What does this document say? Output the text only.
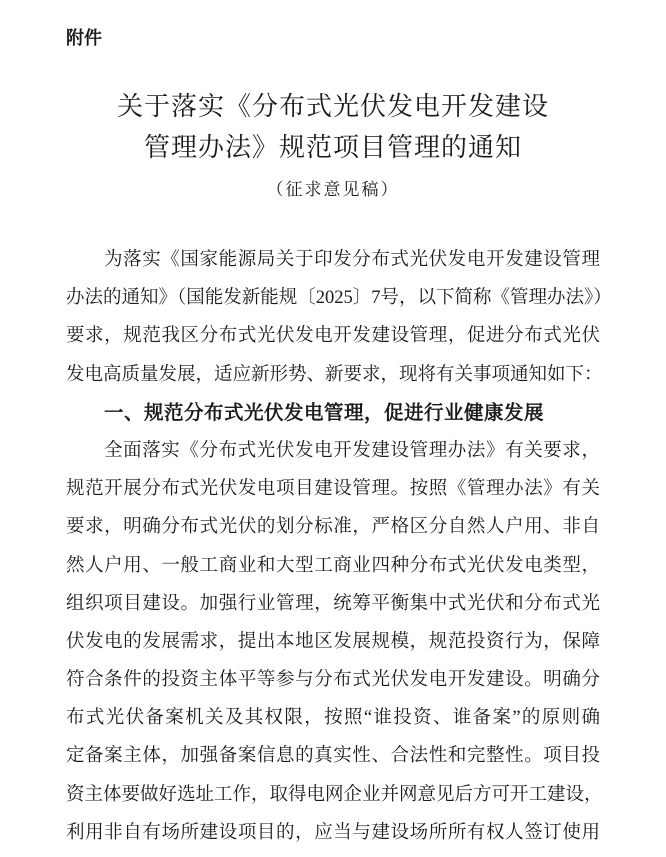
附件
关于落实《分布式光伏发电开发建设
管理办法》规范项目管理的通知
（征求意见稿）
为落实《国家能源局关于印发分布式光伏发电开发建设管理
办法的通知》（国能发新能规〔2025〕7号，以下简称《管理办法》）
要求，规范我区分布式光伏发电开发建设管理，促进分布式光伏
发电高质量发展，适应新形势、新要求，现将有关事项通知如下：
一、规范分布式光伏发电管理，促进行业健康发展
全面落实《分布式光伏发电开发建设管理办法》有关要求，
规范开展分布式光伏发电项目建设管理。按照《管理办法》有关
要求，明确分布式光伏的划分标准，严格区分自然人户用、非自
然人户用、一般工商业和大型工商业四种分布式光伏发电类型，
组织项目建设。加强行业管理，统筹平衡集中式光伏和分布式光
伏发电的发展需求，提出本地区发展规模，规范投资行为，保障
符合条件的投资主体平等参与分布式光伏发电开发建设。明确分
布式光伏备案机关及其权限，按照“谁投资、谁备案”的原则确
定备案主体，加强备案信息的真实性、合法性和完整性。项目投
资主体要做好选址工作，取得电网企业并网意见后方可开工建设，
利用非自有场所建设项目的，应当与建设场所所有权人签订使用
